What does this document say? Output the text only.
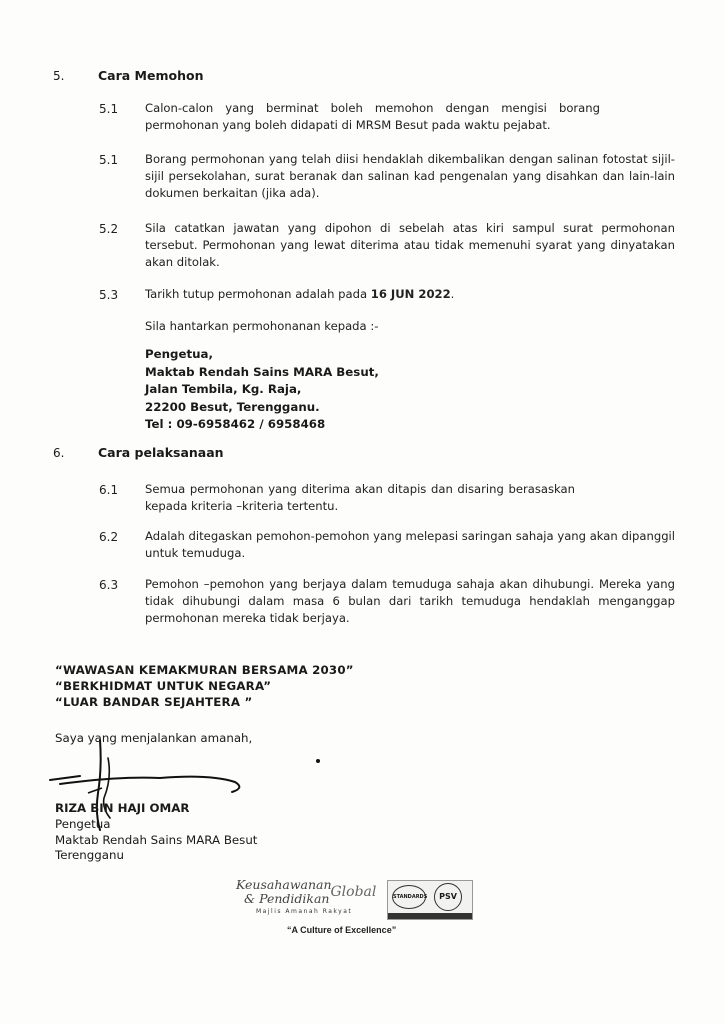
5.	Cara Memohon
5.1 Calon-calon yang berminat boleh memohon dengan mengisi borang permohonan yang boleh didapati di MRSM Besut pada waktu pejabat.
5.1 Borang permohonan yang telah diisi hendaklah dikembalikan dengan salinan fotostat sijil-sijil persekolahan, surat beranak dan salinan kad pengenalan yang disahkan dan lain-lain dokumen berkaitan (jika ada).
5.2 Sila catatkan jawatan yang dipohon di sebelah atas kiri sampul surat permohonan tersebut. Permohonan yang lewat diterima atau tidak memenuhi syarat yang dinyatakan akan ditolak.
5.3 Tarikh tutup permohonan adalah pada 16 JUN 2022.
Sila hantarkan permohonanan kepada :-
Pengetua,
Maktab Rendah Sains MARA Besut,
Jalan Tembila, Kg. Raja,
22200 Besut, Terengganu.
Tel : 09-6958462 / 6958468
6.	Cara pelaksanaan
6.1 Semua permohonan yang diterima akan ditapis dan disaring berasaskan kepada kriteria –kriteria tertentu.
6.2 Adalah ditegaskan pemohon-pemohon yang melepasi saringan sahaja yang akan dipanggil untuk temuduga.
6.3 Pemohon –pemohon yang berjaya dalam temuduga sahaja akan dihubungi. Mereka yang tidak dihubungi dalam masa 6 bulan dari tarikh temuduga hendaklah menganggap permohonan mereka tidak berjaya.
“WAWASAN KEMAKMURAN BERSAMA 2030”
“BERKHIDMAT UNTUK NEGARA”
“LUAR BANDAR SEJAHTERA ”
Saya yang menjalankan amanah,
RIZA BIN HAJI OMAR
Pengetua
Maktab Rendah Sains MARA Besut
Terengganu
Keusahawanan
& PendidikanGlobal
Majlis Amanah Rakyat
STANDARDS	PSV
“A Culture of Excellence”
